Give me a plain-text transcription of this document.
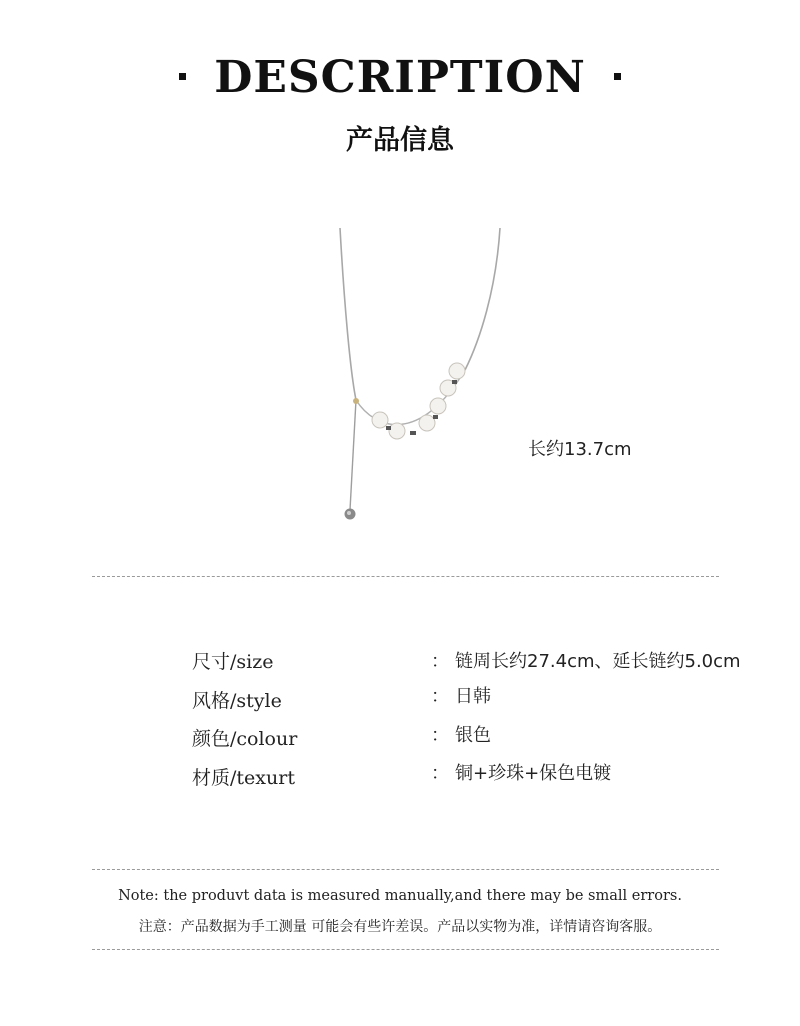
DESCRIPTION
产品信息
长约13.7cm
尺寸/size	： 链周长约27.4cm、延长链约5.0cm
风格/style	： 日韩
颜色/colour	： 银色
材质/texurt	： 铜+珍珠+保色电镀
Note: the produvt data is measured manually,and there may be small errors.
注意：产品数据为手工测量 可能会有些许差误。产品以实物为准，详情请咨询客服。
